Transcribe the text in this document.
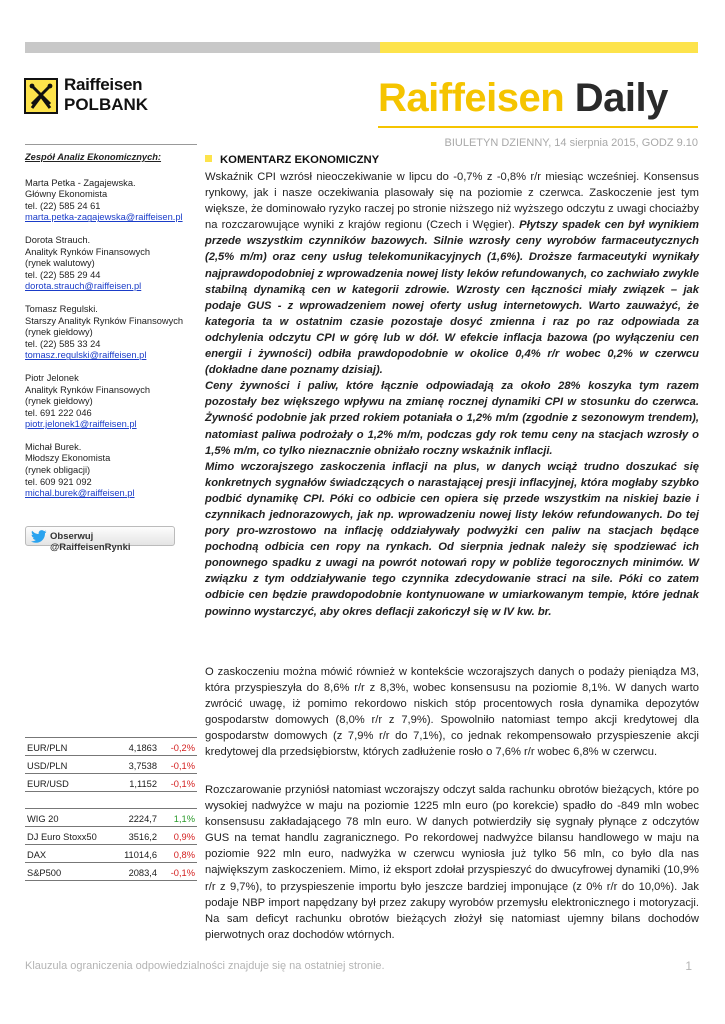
Raiffeisen
POLBANK	Raiffeisen Daily
BIULETYN DZIENNY, 14 sierpnia 2015, GODZ 9.10
Zespół Analiz Ekonomicznych:
Marta Petka - Zagajewska.
Główny Ekonomista
tel. (22) 585 24 61
marta.petka-zagajewska@raiffeisen.pl
Dorota Strauch.
Analityk Rynków Finansowych
(rynek walutowy)
tel. (22) 585 29 44
dorota.strauch@raiffeisen.pl
Tomasz Regulski.
Starszy Analityk Rynków Finansowych
(rynek giełdowy)
tel. (22) 585 33 24
tomasz.regulski@raiffeisen.pl
Piotr Jelonek
Analityk Rynków Finansowych
(rynek giełdowy)
tel. 691 222 046
piotr.jelonek1@raiffeisen.pl
Michał Burek.
Młodszy Ekonomista
(rynek obligacji)
tel. 609 921 092
michal.burek@raiffeisen.pl
Obserwuj @RaiffeisenRynki
EUR/PLN	4,1863	-0,2%
USD/PLN	3,7538	-0,1%
EUR/USD	1,1152	-0,1%
WIG 20	2224,7	1,1%
DJ Euro Stoxx50	3516,2	0,9%
DAX	11014,6	0,8%
S&P500	2083,4	-0,1%
KOMENTARZ EKONOMICZNY

Wskaźnik CPI wzrósł nieoczekiwanie w lipcu do -0,7% z -0,8% r/r miesiąc wcześniej. Konsensus rynkowy, jak i nasze oczekiwania plasowały się na poziomie z czerwca. Zaskoczenie jest tym większe, że dominowało ryzyko raczej po stronie niższego niż wyższego odczytu z uwagi chociażby na rozczarowujące wyniki z krajów regionu (Czech i Węgier). Płytszy spadek cen był wynikiem przede wszystkim czynników bazowych. Silnie wzrosły ceny wyrobów farmaceutycznych (2,5% m/m) oraz ceny usług telekomunikacyjnych (1,6%). Droższe farmaceutyki wynikały najprawdopodobniej z wprowadzenia nowej listy leków refundowanych, co zachwiało zwykle stabilną dynamiką cen w kategorii zdrowie. Wzrosty cen łączności miały związek – jak podaje GUS - z wprowadzeniem nowej oferty usług internetowych. Warto zauważyć, że kategoria ta w ostatnim czasie pozostaje dosyć zmienna i raz po raz odpowiada za odchylenia odczytu CPI w górę lub w dół. W efekcie inflacja bazowa (po wyłączeniu cen energii i żywności) odbiła prawdopodobnie w okolice 0,4% r/r wobec 0,2% w czerwcu (dokładne dane poznamy dzisiaj).

Ceny żywności i paliw, które łącznie odpowiadają za około 28% koszyka tym razem pozostały bez większego wpływu na zmianę rocznej dynamiki CPI w stosunku do czerwca. Żywność podobnie jak przed rokiem potaniała o 1,2% m/m (zgodnie z sezonowym trendem), natomiast paliwa podrożały o 1,2% m/m, podczas gdy rok temu ceny na stacjach wzrosły o 1,5% m/m, co tylko nieznacznie obniżało roczny wskaźnik inflacji.

Mimo wczorajszego zaskoczenia inflacji na plus, w danych wciąż trudno doszukać się konkretnych sygnałów świadczących o narastającej presji inflacyjnej, która mogłaby szybko podbić dynamikę CPI. Póki co odbicie cen opiera się przede wszystkim na niskiej bazie i czynnikach jednorazowych, jak np. wprowadzeniu nowej listy leków refundowanych. Do tej pory pro-wzrostowo na inflację oddziaływały podwyżki cen paliw na stacjach będące pochodną odbicia cen ropy na rynkach. Od sierpnia jednak należy się spodziewać ich ponownego spadku z uwagi na powrót notowań ropy w pobliże tegorocznych minimów. W związku z tym oddziaływanie tego czynnika zdecydowanie straci na sile. Póki co zatem odbicie cen będzie prawdopodobnie kontynuowane w umiarkowanym tempie, które jednak powinno wystarczyć, aby okres deflacji zakończył się w IV kw. br.

O zaskoczeniu można mówić również w kontekście wczorajszych danych o podaży pieniądza M3, która przyspieszyła do 8,6% r/r z 8,3%, wobec konsensusu na poziomie 8,1%. W danych warto zwrócić uwagę, iż pomimo rekordowo niskich stóp procentowych rosła dynamika depozytów gospodarstw domowych (8,0% r/r z 7,9%). Spowolniło natomiast tempo akcji kredytowej dla gospodarstw domowych (z 7,9% r/r do 7,1%), co jednak rekompensowało przyspieszenie akcji kredytowej dla przedsiębiorstw, których zadłużenie rosło o 7,6% r/r wobec 6,8% w czerwcu.
Rozczarowanie przyniósł natomiast wczorajszy odczyt salda rachunku obrotów bieżących, które po wysokiej nadwyżce w maju na poziomie 1225 mln euro (po korekcie) spadło do -849 mln wobec konsensusu zakładającego 78 mln euro. W danych potwierdziły się sygnały płynące z odczytów GUS na temat handlu zagranicznego. Po rekordowej nadwyżce bilansu handlowego w maju na poziomie 922 mln euro, nadwyżka w czerwcu wyniosła już tylko 56 mln, co było dla nas największym zaskoczeniem. Mimo, iż eksport zdołał przyspieszyć do dwucyfrowej dynamiki (10,9% r/r z 9,7%), to przyspieszenie importu było jeszcze bardziej imponujące (z 0% r/r do 10,0%). Jak podaje NBP import napędzany był przez zakupy wyrobów przemysłu elektronicznego i motoryzacji. Na sam deficyt rachunku obrotów bieżących złożył się natomiast ujemny bilans dochodów pierwotnych oraz dochodów wtórnych.
Klauzula ograniczenia odpowiedzialności znajduje się na ostatniej stronie.	1
